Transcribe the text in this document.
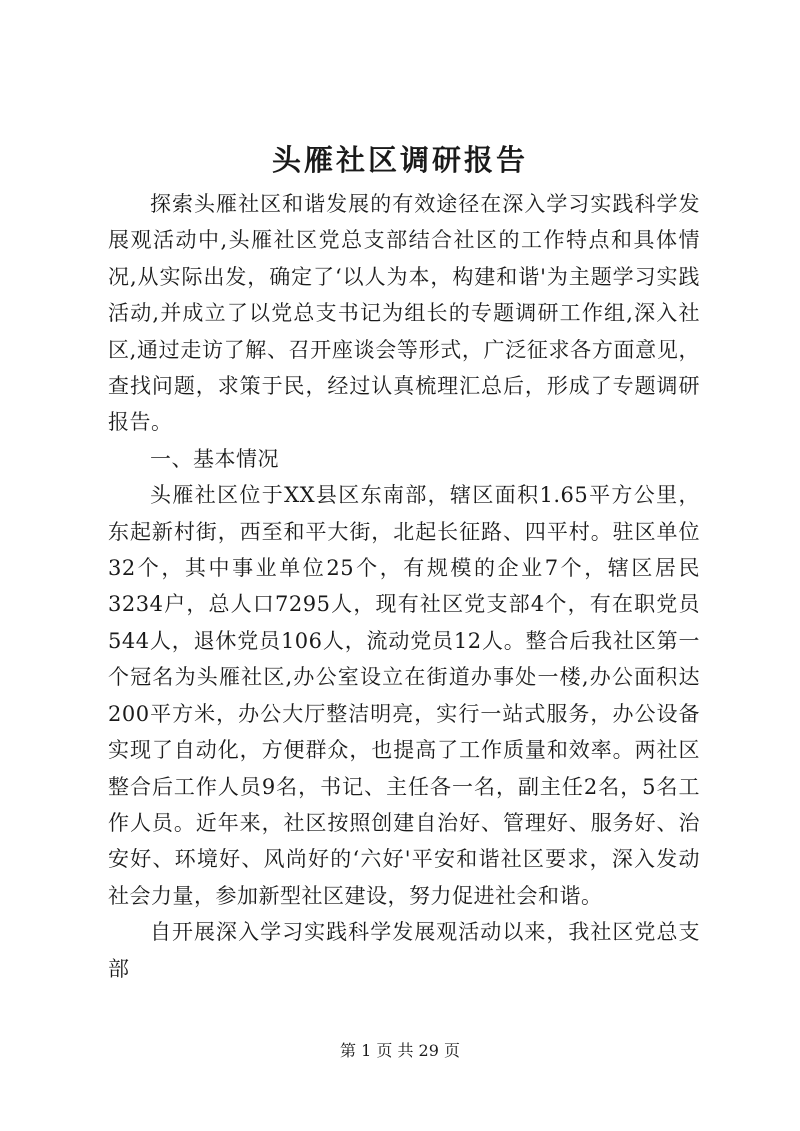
头雁社区调研报告

探索头雁社区和谐发展的有效途径在深入学习实践科学发展观活动中,头雁社区党总支部结合社区的工作特点和具体情况,从实际出发，确定了‘以人为本，构建和谐'为主题学习实践活动,并成立了以党总支书记为组长的专题调研工作组,深入社区,通过走访了解、召开座谈会等形式，广泛征求各方面意见，查找问题，求策于民，经过认真梳理汇总后，形成了专题调研报告。

一、基本情况

头雁社区位于XX县区东南部，辖区面积1.65平方公里，东起新村街，西至和平大街，北起长征路、四平村。驻区单位32个，其中事业单位25个，有规模的企业7个，辖区居民3234户，总人口7295人，现有社区党支部4个，有在职党员544人，退休党员106人，流动党员12人。整合后我社区第一个冠名为头雁社区,办公室设立在街道办事处一楼,办公面积达200平方米，办公大厅整洁明亮，实行一站式服务，办公设备实现了自动化，方便群众，也提高了工作质量和效率。两社区整合后工作人员9名，书记、主任各一名，副主任2名，5名工作人员。近年来，社区按照创建自治好、管理好、服务好、治安好、环境好、风尚好的‘六好'平安和谐社区要求，深入发动社会力量，参加新型社区建设，努力促进社会和谐。

自开展深入学习实践科学发展观活动以来，我社区党总支部

第 1 页 共 29 页
